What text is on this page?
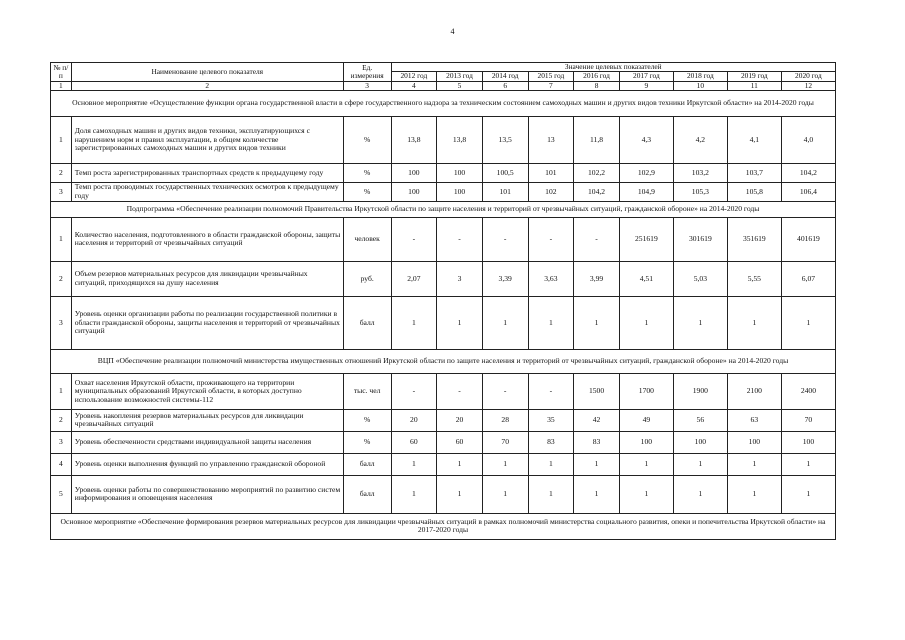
4
№ п/п	Наименование целевого показателя	Ед. измерения	Значение целевых показателей								
			2012 год	2013 год	2014 год	2015 год	2016 год	2017 год	2018 год	2019 год	2020 год
1	2	3	4	5	6	7	8	9	10	11	12
Основное мероприятие «Осуществление функции органа государственной власти в сфере государственного надзора за техническим состоянием самоходных машин и других видов техники Иркутской области» на 2014-2020 годы											
1	Доля самоходных машин и других видов техники, эксплуатирующихся с нарушением норм и правил эксплуатации, в общем количестве зарегистрированных самоходных машин и других видов техники	%	13,8	13,8	13,5	13	11,8	4,3	4,2	4,1	4,0
2	Темп роста зарегистрированных транспортных средств к предыдущему году	%	100	100	100,5	101	102,2	102,9	103,2	103,7	104,2
3	Темп роста проводимых государственных технических осмотров к предыдущему году	%	100	100	101	102	104,2	104,9	105,3	105,8	106,4
Подпрограмма «Обеспечение реализации полномочий Правительства Иркутской области по защите населения и территорий от чрезвычайных ситуаций, гражданской обороне» на 2014-2020 годы											
1	Количество населения, подготовленного в области гражданской обороны, защиты населения и территорий от чрезвычайных ситуаций	человек	-	-	-	-	-	251619	301619	351619	401619
2	Объем резервов материальных ресурсов для ликвидации чрезвычайных ситуаций, приходящихся на душу населения	руб.	2,07	3	3,39	3,63	3,99	4,51	5,03	5,55	6,07
3	Уровень оценки организации работы по реализации государственной политики в области гражданской обороны, защиты населения и территорий от чрезвычайных ситуаций	балл	1	1	1	1	1	1	1	1	1
ВЦП «Обеспечение реализации полномочий министерства имущественных отношений Иркутской области по защите населения и территорий от чрезвычайных ситуаций, гражданской обороне» на 2014-2020 годы											
1	Охват населения Иркутской области, проживающего на территории муниципальных образований Иркутской области, в которых доступно использование возможностей системы-112	тыс. чел	-	-	-	-	1500	1700	1900	2100	2400
2	Уровень накопления резервов материальных ресурсов для ликвидации чрезвычайных ситуаций	%	20	20	28	35	42	49	56	63	70
3	Уровень обеспеченности средствами индивидуальной защиты населения	%	60	60	70	83	83	100	100	100	100
4	Уровень оценки выполнения функций по управлению гражданской обороной	балл	1	1	1	1	1	1	1	1	1
5	Уровень оценки работы по совершенствованию мероприятий по развитию систем информирования и оповещения населения	балл	1	1	1	1	1	1	1	1	1
Основное мероприятие «Обеспечение формирования резервов материальных ресурсов для ликвидации чрезвычайных ситуаций в рамках полномочий министерства социального развития, опеки и попечительства Иркутской области» на 2017-2020 годы											
